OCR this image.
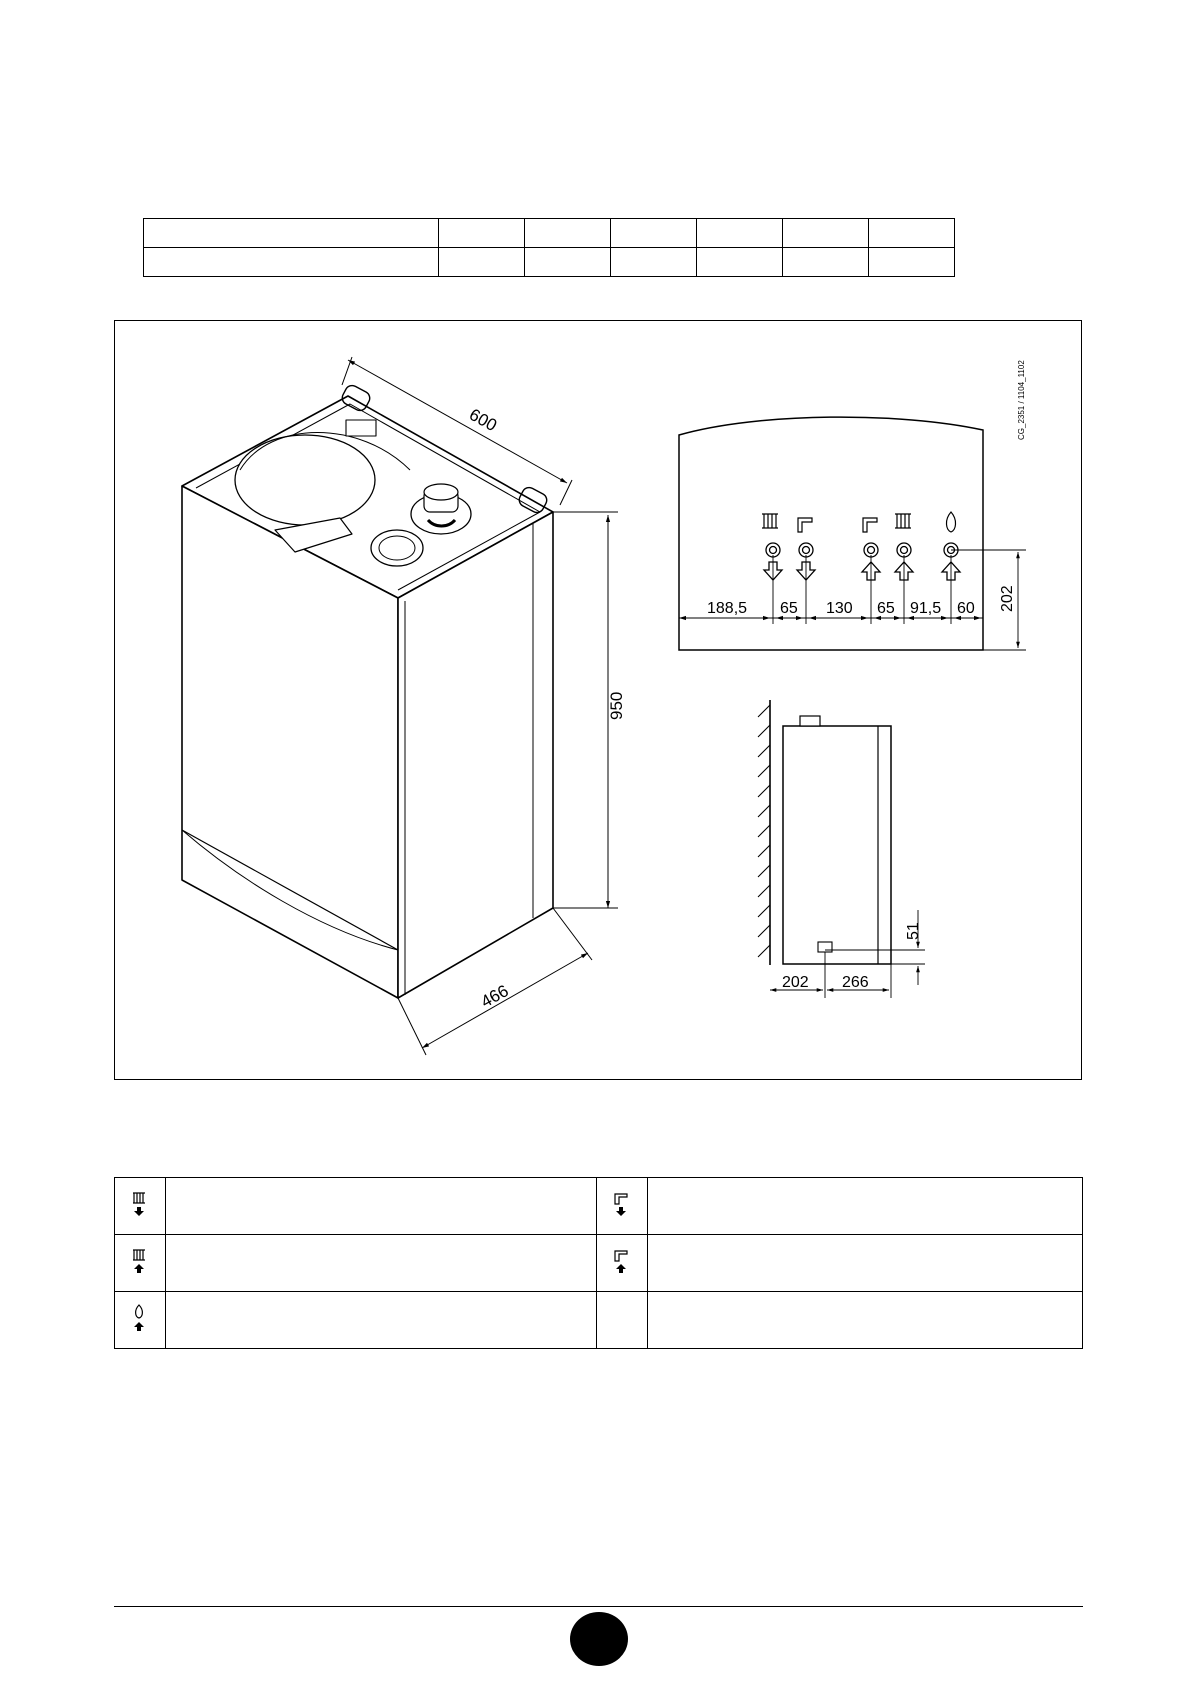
600
950
466
CG_2351 / 1104_1102
188,5 65 130 65 91,5 60 202
202 266
51
